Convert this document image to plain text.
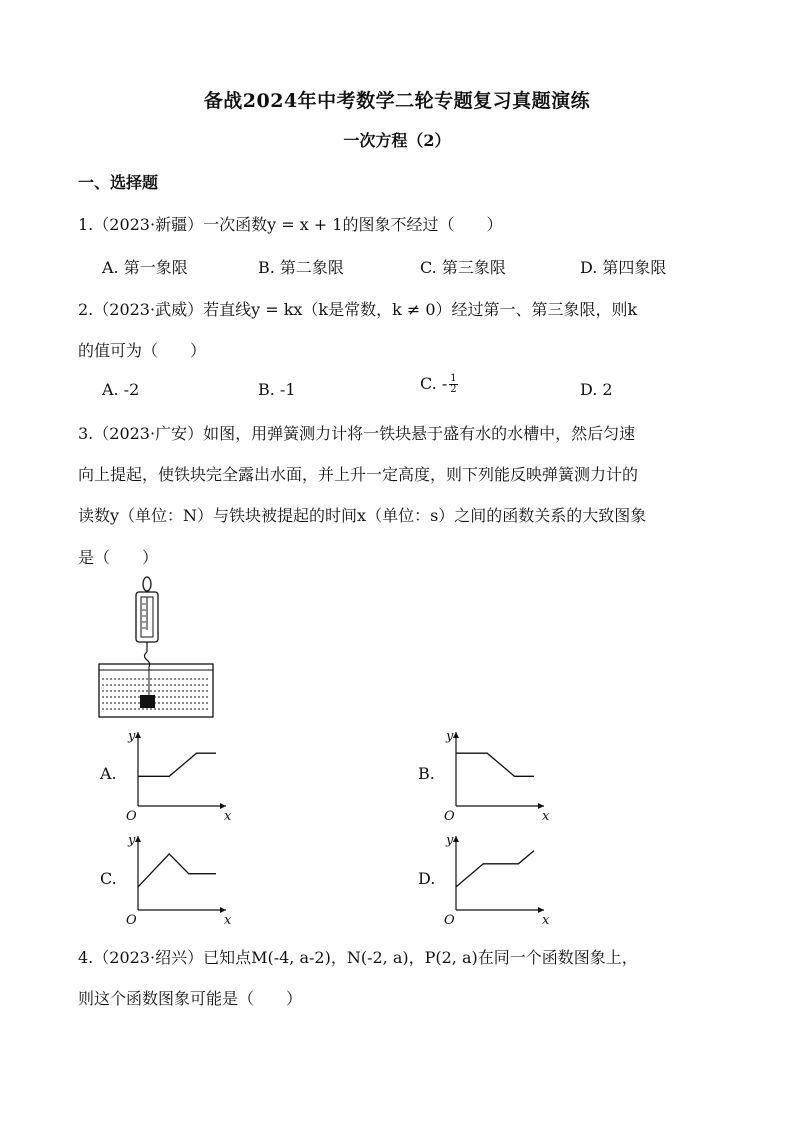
备战2024年中考数学二轮专题复习真题演练
一次方程（2）
一、选择题
1.（2023·新疆）一次函数y = x + 1的图象不经过（　　）
A. 第一象限	B. 第二象限	C. 第三象限	D. 第四象限
2.（2023·武威）若直线y = kx（k是常数，k ≠ 0）经过第一、第三象限，则k
的值可为（　　）
A. -2	B. -1	C. - $\frac{1}{2}$	D. 2
3.（2023·广安）如图，用弹簧测力计将一铁块悬于盛有水的水槽中，然后匀速
向上提起，使铁块完全露出水面，并上升一定高度，则下列能反映弹簧测力计的
读数y（单位：N）与铁块被提起的时间x（单位：s）之间的函数关系的大致图象
是（　　）
A.
y
x
O
B.
y
x
O
C.
y
x
O
D.
y
x
O
4.（2023·绍兴）已知点M(-4, a-2)，N(-2, a)，P(2, a)在同一个函数图象上，
则这个函数图象可能是（　　）
